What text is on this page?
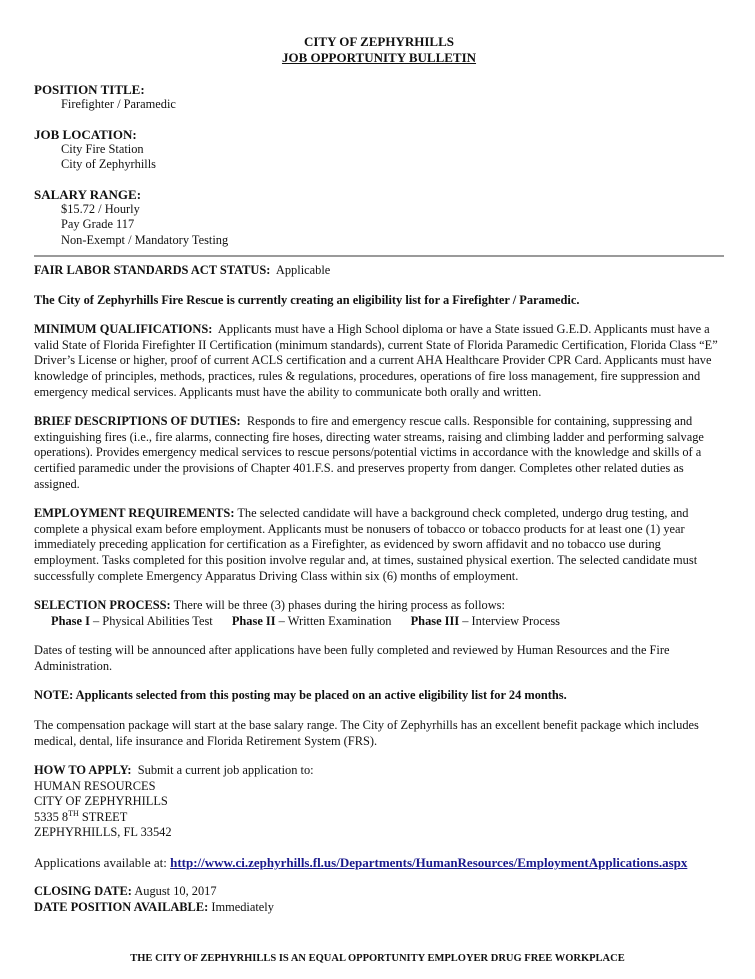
CITY OF ZEPHYRHILLS
JOB OPPORTUNITY BULLETIN
POSITION TITLE:
Firefighter / Paramedic
JOB LOCATION:
City Fire Station
City of Zephyrhills
SALARY RANGE:
$15.72 / Hourly
Pay Grade 117
Non-Exempt / Mandatory Testing

FAIR LABOR STANDARDS ACT STATUS: Applicable

The City of Zephyrhills Fire Rescue is currently creating an eligibility list for a Firefighter / Paramedic.

MINIMUM QUALIFICATIONS: Applicants must have a High School diploma or have a State issued G.E.D. Applicants must have a valid State of Florida Firefighter II Certification (minimum standards), current State of Florida Paramedic Certification, Florida Class “E” Driver’s License or higher, proof of current ACLS certification and a current AHA Healthcare Provider CPR Card. Applicants must have knowledge of principles, methods, practices, rules & regulations, procedures, operations of fire loss management, fire suppression and emergency medical services. Applicants must have the ability to communicate both orally and written.

BRIEF DESCRIPTIONS OF DUTIES: Responds to fire and emergency rescue calls. Responsible for containing, suppressing and extinguishing fires (i.e., fire alarms, connecting fire hoses, directing water streams, raising and climbing ladder and performing salvage operations). Provides emergency medical services to rescue persons/potential victims in accordance with the knowledge and skills of a certified paramedic under the provisions of Chapter 401.F.S. and preserves property from danger. Completes other related duties as assigned.

EMPLOYMENT REQUIREMENTS: The selected candidate will have a background check completed, undergo drug testing, and complete a physical exam before employment. Applicants must be nonusers of tobacco or tobacco products for at least one (1) year immediately preceding application for certification as a Firefighter, as evidenced by sworn affidavit and no tobacco use during employment. Tasks completed for this position involve regular and, at times, sustained physical exertion. The selected candidate must successfully complete Emergency Apparatus Driving Class within six (6) months of employment.

SELECTION PROCESS: There will be three (3) phases during the hiring process as follows:

Phase I – Physical Abilities Test Phase II – Written Examination Phase III – Interview Process

Dates of testing will be announced after applications have been fully completed and reviewed by Human Resources and the Fire Administration.

NOTE: Applicants selected from this posting may be placed on an active eligibility list for 24 months.

The compensation package will start at the base salary range. The City of Zephyrhills has an excellent benefit package which includes medical, dental, life insurance and Florida Retirement System (FRS).

HOW TO APPLY: Submit a current job application to:
HUMAN RESOURCES
CITY OF ZEPHYRHILLS
5335 8TH STREET
ZEPHYRHILLS, FL 33542

Applications available at: http://www.ci.zephyrhills.fl.us/Departments/HumanResources/EmploymentApplications.aspx

CLOSING DATE: August 10, 2017
DATE POSITION AVAILABLE: Immediately
THE CITY OF ZEPHYRHILLS IS AN EQUAL OPPORTUNITY EMPLOYER DRUG FREE WORKPLACE
